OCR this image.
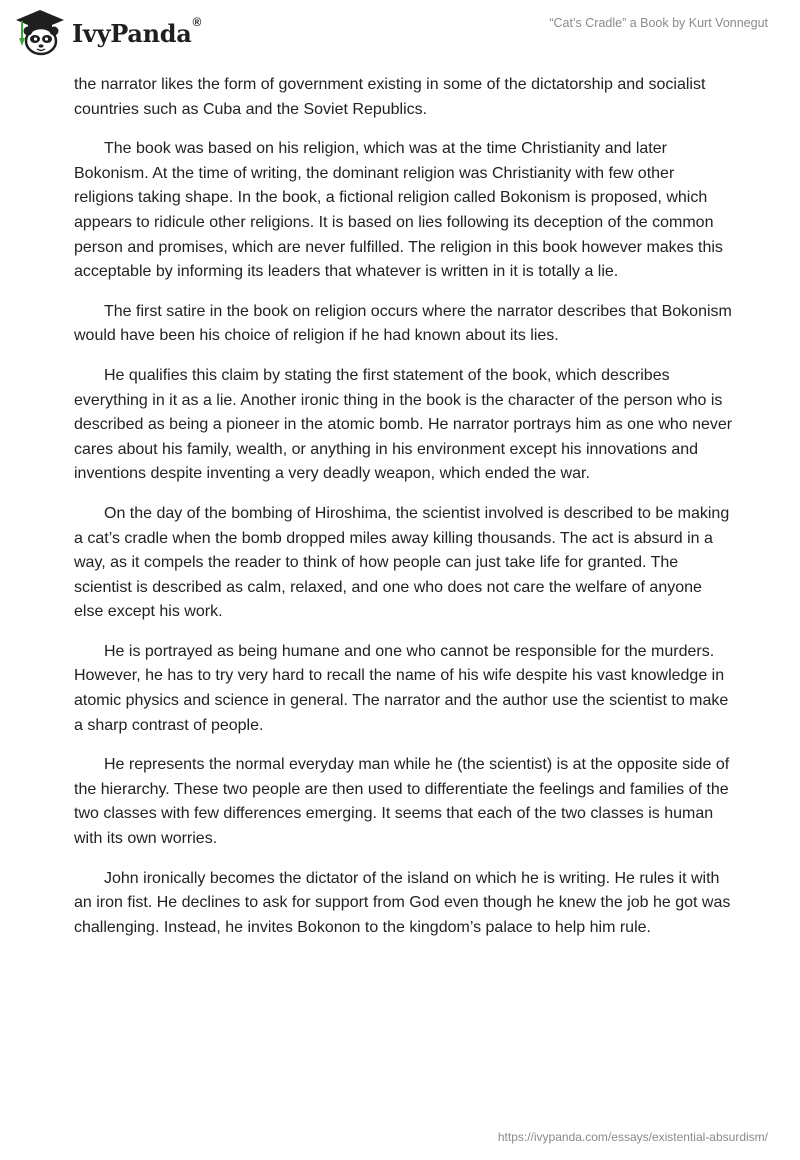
IvyPanda®	“Cat’s Cradle” a Book by Kurt Vonnegut

the narrator likes the form of government existing in some of the dictatorship and socialist countries such as Cuba and the Soviet Republics.

The book was based on his religion, which was at the time Christianity and later Bokonism. At the time of writing, the dominant religion was Christianity with few other religions taking shape. In the book, a fictional religion called Bokonism is proposed, which appears to ridicule other religions. It is based on lies following its deception of the common person and promises, which are never fulfilled. The religion in this book however makes this acceptable by informing its leaders that whatever is written in it is totally a lie.

The first satire in the book on religion occurs where the narrator describes that Bokonism would have been his choice of religion if he had known about its lies.

He qualifies this claim by stating the first statement of the book, which describes everything in it as a lie. Another ironic thing in the book is the character of the person who is described as being a pioneer in the atomic bomb. He narrator portrays him as one who never cares about his family, wealth, or anything in his environment except his innovations and inventions despite inventing a very deadly weapon, which ended the war.

On the day of the bombing of Hiroshima, the scientist involved is described to be making a cat’s cradle when the bomb dropped miles away killing thousands. The act is absurd in a way, as it compels the reader to think of how people can just take life for granted. The scientist is described as calm, relaxed, and one who does not care the welfare of anyone else except his work.

He is portrayed as being humane and one who cannot be responsible for the murders. However, he has to try very hard to recall the name of his wife despite his vast knowledge in atomic physics and science in general. The narrator and the author use the scientist to make a sharp contrast of people.

He represents the normal everyday man while he (the scientist) is at the opposite side of the hierarchy. These two people are then used to differentiate the feelings and families of the two classes with few differences emerging. It seems that each of the two classes is human with its own worries.

John ironically becomes the dictator of the island on which he is writing. He rules it with an iron fist. He declines to ask for support from God even though he knew the job he got was challenging. Instead, he invites Bokonon to the kingdom’s palace to help him rule.

https://ivypanda.com/essays/existential-absurdism/
